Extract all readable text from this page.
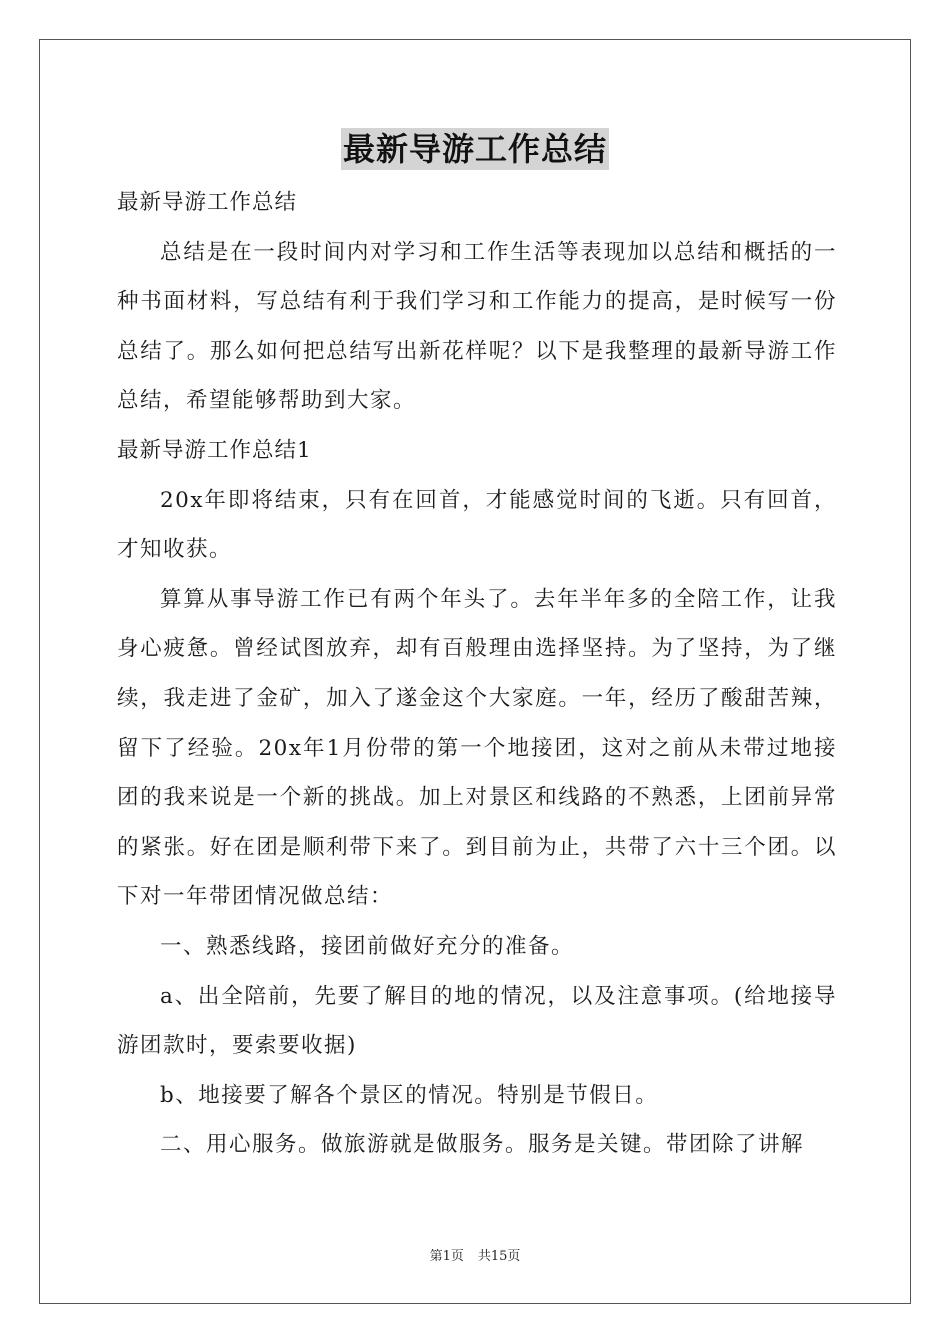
最新导游工作总结

最新导游工作总结

总结是在一段时间内对学习和工作生活等表现加以总结和概括的一种书面材料，写总结有利于我们学习和工作能力的提高，是时候写一份总结了。那么如何把总结写出新花样呢？以下是我整理的最新导游工作总结，希望能够帮助到大家。

最新导游工作总结1

20x年即将结束，只有在回首，才能感觉时间的飞逝。只有回首，才知收获。

算算从事导游工作已有两个年头了。去年半年多的全陪工作，让我身心疲惫。曾经试图放弃，却有百般理由选择坚持。为了坚持，为了继续，我走进了金矿，加入了遂金这个大家庭。一年，经历了酸甜苦辣，留下了经验。20x年1月份带的第一个地接团，这对之前从未带过地接团的我来说是一个新的挑战。加上对景区和线路的不熟悉，上团前异常的紧张。好在团是顺利带下来了。到目前为止，共带了六十三个团。以下对一年带团情况做总结：

一、熟悉线路，接团前做好充分的准备。

a、出全陪前，先要了解目的地的情况，以及注意事项。(给地接导游团款时，要索要收据)

b、地接要了解各个景区的情况。特别是节假日。

二、用心服务。做旅游就是做服务。服务是关键。带团除了讲解

第1页 共15页
